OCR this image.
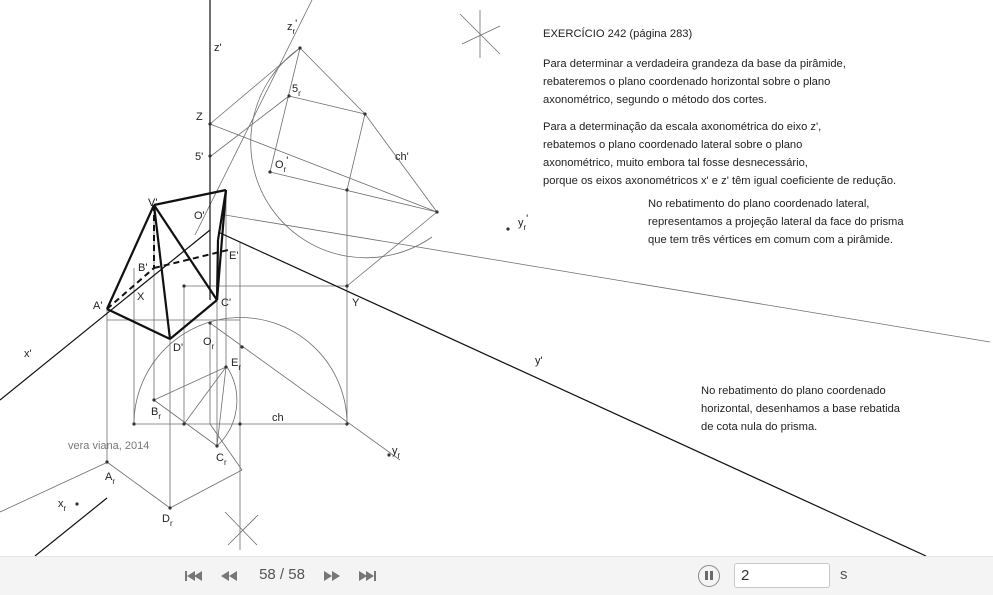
$z_r'$
z'
$5_r$
Z
5'
$O_r'$	ch'
O'
V'
B'
E'
A'
X	C'	Y
D'
x'
y'
$y_r'$
$O_r$
$E_r$
$B_r$	ch
$C_r$
$A_r$
$D_r$
$x_r$
$y_r$

EXERCÍCIO 242 (página 283)

Para determinar a verdadeira grandeza da base da pirâmide,

rebateremos o plano coordenado horizontal sobre o plano

axonométrico, segundo o método dos cortes.

Para a determinação da escala axonométrica do eixo z',

rebatemos o plano coordenado lateral sobre o plano

axonométrico, muito embora tal fosse desnecessário,

porque os eixos axonométricos x' e z' têm igual coeficiente de redução.

No rebatimento do plano coordenado lateral,

representamos a projeção lateral da face do prisma

que tem três vértices em comum com a pirâmide.

No rebatimento do plano coordenado

horizontal, desenhamos a base rebatida

de cota nula do prisma.

vera viana, 2014
58 / 58
2	s
